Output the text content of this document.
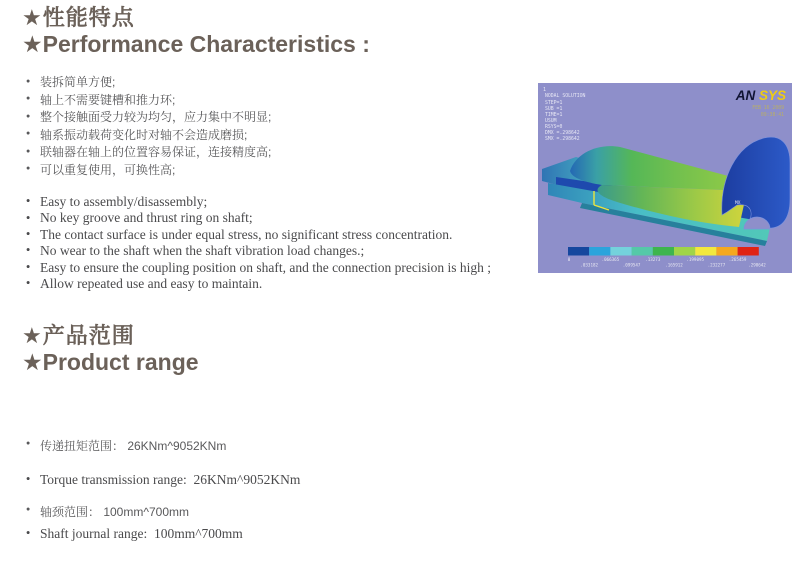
★性能特点
★Performance Characteristics :
● 装拆简单方便;
● 轴上不需要键槽和推力环;
● 整个接触面受力较为均匀，应力集中不明显;
● 轴系振动载荷变化时对轴不会造成磨损;
● 联轴器在轴上的位置容易保证，连接精度高;
● 可以重复使用，可换性高;
● Easy to assembly/disassembly;
● No key groove and thrust ring on shaft;
● The contact surface is under equal stress, no significant stress concentration.
● No wear to the shaft when the shaft vibration load changes.;
● Easy to ensure the coupling position on shaft, and the connection precision is high ;
● Allow repeated use and easy to maintain.
★产品范围
★Product range

● 传递扭矩范围： 26KNm^9052KNm

● 轴颈范围： 100mm^700mm

● Torque transmission range:  26KNm^9052KNm

● Shaft journal range:  100mm^700mm

MX
1
NODAL SOLUTION
STEP=1
SUB =1
TIME=1
USUM
RSYS=0
DMX =.298642
SMX =.298642
AN SYS
FEB 16 2009
09:38:41
0	.066365	.13273	.199095	.265459
.033182	.099547	.165912	.232277	.298642
